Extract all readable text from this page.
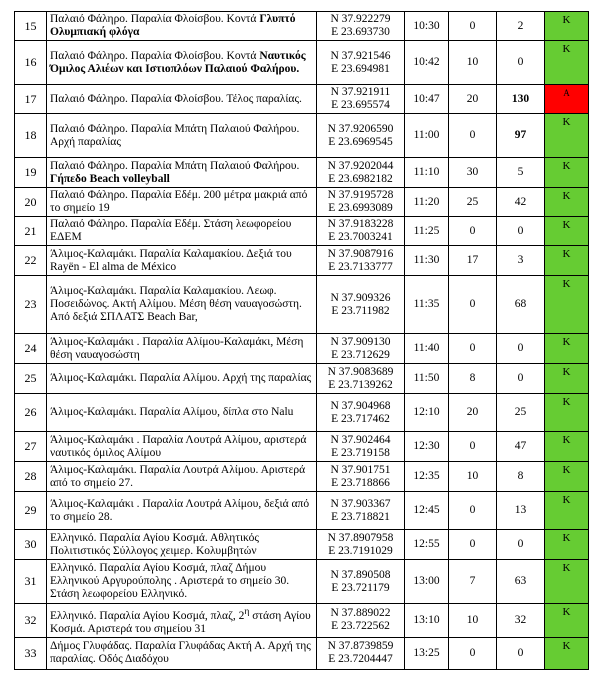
15	Παλαιό Φάληρο. Παραλία Φλοίσβου. Κοντά Γλυπτό Ολυμπιακή φλόγα	N 37.922279
E 23.693730	10:30	0	2	K
16	Παλαιό Φάληρο. Παραλία Φλοίσβου. Κοντά Ναυτικός Όμιλος Αλιέων και Ιστιοπλόων Παλαιού Φαλήρου.	N 37.921546
E 23.694981	10:42	10	0	K
17	Παλαιό Φάληρο. Παραλία Φλοίσβου. Τέλος παραλίας.	N 37.921911
E 23.695574	10:47	20	130	A
18	Παλαιό Φάληρο. Παραλία Μπάτη Παλαιού Φαλήρου. Αρχή παραλίας	N 37.9206590
E 23.6969545	11:00	0	97	K
19	Παλαιό Φάληρο. Παραλία Μπάτη Παλαιού Φαλήρου. Γήπεδο Beach volleyball	N 37.9202044
E 23.6982182	11:10	30	5	K
20	Παλαιό Φάληρο. Παραλία Εδέμ. 200 μέτρα μακριά από το σημείο 19	N 37.9195728
E 23.6993089	11:20	25	42	K
21	Παλαιό Φάληρο. Παραλία Εδέμ. Στάση λεωφορείου ΕΔΕΜ	N 37.9183228
E 23.7003241	11:25	0	0	K
22	Άλιμος-Καλαμάκι. Παραλία Καλαμακίου. Δεξιά του Rayën - El alma de México	N 37.9087916
E 23.7133777	11:30	17	3	K
23	Άλιμος-Καλαμάκι. Παραλία Καλαμακίου. Λεωφ. Ποσειδώνος. Ακτή Αλίμου. Μέση θέση ναυαγοσώστη. Από δεξιά ΣΠΛΑΤΣ Beach Bar,	N 37.909326
E 23.711982	11:35	0	68	K
24	Άλιμος-Καλαμάκι . Παραλία Αλίμου-Καλαμάκι, Μέση θέση ναυαγοσώστη	N 37.909130
E 23.712629	11:40	0	0	K
25	Άλιμος-Καλαμάκι. Παραλία Αλίμου. Αρχή της παραλίας	N 37.9083689
E 23.7139262	11:50	8	0	K
26	Άλιμος-Καλαμάκι. Παραλία Αλίμου, δίπλα στο Nalu	N 37.904968
E 23.717462	12:10	20	25	K
27	Άλιμος-Καλαμάκι . Παραλία Λουτρά Αλίμου, αριστερά ναυτικός όμιλος Αλίμου	N 37.902464
E 23.719158	12:30	0	47	K
28	Άλιμος-Καλαμάκι. Παραλία Λουτρά Αλίμου. Αριστερά από το σημείο 27.	N 37.901751
E 23.718866	12:35	10	8	K
29	Άλιμος-Καλαμάκι . Παραλία Λουτρά Αλίμου, δεξιά από το σημείο 28.	N 37.903367
E 23.718821	12:45	0	13	K
30	Ελληνικό. Παραλία Αγίου Κοσμά. Αθλητικός Πολιτιστικός Σύλλογος χειμερ. Κολυμβητών	N 37.8907958
E 23.7191029	12:55	0	0	K
31	Ελληνικό. Παραλία Αγίου Κοσμά, πλαζ Δήμου Ελληνικού Αργυρούπολης . Αριστερά το σημείο 30. Στάση λεωφορείου Ελληνικό.	N 37.890508
E 23.721179	13:00	7	63	K
32	Ελληνικό. Παραλία Αγίου Κοσμά, πλαζ, $2^\eta$ στάση Αγίου Κοσμά. Αριστερά του σημείου 31	N 37.889022
E 23.722562	13:10	10	32	K
33	Δήμος Γλυφάδας. Παραλία Γλυφάδας Ακτή Α. Αρχή της παραλίας. Οδός Διαδόχου	N 37.8739859
E 23.7204447	13:25	0	0	K
